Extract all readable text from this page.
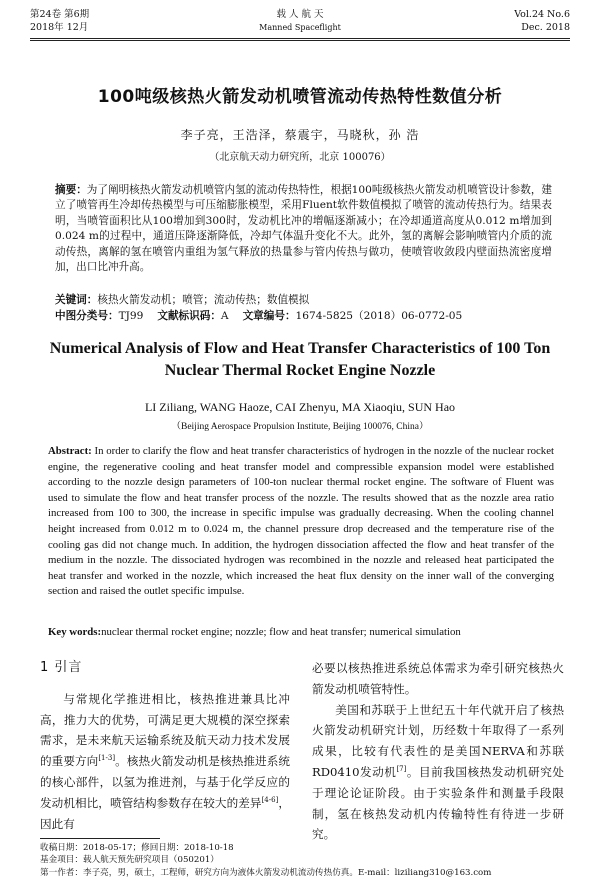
第24卷 第6期
2018年 12月
载 人 航 天
Manned Spaceflight
Vol.24 No.6
Dec. 2018
100吨级核热火箭发动机喷管流动传热特性数值分析
李子亮，王浩泽，蔡震宇，马晓秋，孙 浩
（北京航天动力研究所，北京 100076）
摘要：为了阐明核热火箭发动机喷管内氢的流动传热特性，根据100吨级核热火箭发动机喷管设计参数，建立了喷管再生冷却传热模型与可压缩膨胀模型，采用Fluent软件数值模拟了喷管的流动传热行为。结果表明，当喷管面积比从100增加到300时，发动机比冲的增幅逐渐减小；在冷却通道高度从0.012 m增加到0.024 m的过程中，通道压降逐渐降低，冷却气体温升变化不大。此外，氢的离解会影响喷管内介质的流动传热，离解的氢在喷管内重组为氢气释放的热量参与管内传热与做功，使喷管收敛段内壁面热流密度增加，出口比冲升高。
关键词：核热火箭发动机；喷管；流动传热；数值模拟
中图分类号：TJ99 文献标识码：A 文章编号：1674-5825（2018）06-0772-05
Numerical Analysis of Flow and Heat Transfer Characteristics of 100 Ton Nuclear Thermal Rocket Engine Nozzle
LI Ziliang, WANG Haoze, CAI Zhenyu, MA Xiaoqiu, SUN Hao
（Beijing Aerospace Propulsion Institute, Beijing 100076, China）
Abstract: In order to clarify the flow and heat transfer characteristics of hydrogen in the nozzle of the nuclear rocket engine, the regenerative cooling and heat transfer model and compressible expansion model were established according to the nozzle design parameters of 100-ton nuclear thermal rocket engine. The software of Fluent was used to simulate the flow and heat transfer process of the nozzle. The results showed that as the nozzle area ratio increased from 100 to 300, the increase in specific impulse was gradually decreasing. When the cooling channel height increased from 0.012 m to 0.024 m, the channel pressure drop decreased and the temperature rise of the cooling gas did not change much. In addition, the hydrogen dissociation affected the flow and heat transfer of the medium in the nozzle. The dissociated hydrogen was recombined in the nozzle and released heat participated the heat transfer and worked in the nozzle, which increased the heat flux density on the inner wall of the converging section and raised the outlet specific impulse.
Key words:nuclear thermal rocket engine; nozzle; flow and heat transfer; numerical simulation
1 引言

与常规化学推进相比，核热推进兼具比冲高，推力大的优势，可满足更大规模的深空探索需求，是未来航天运输系统及航天动力技术发展的重要方向[1-3]。核热火箭发动机是核热推进系统的核心部件，以氢为推进剂，与基于化学反应的发动机相比，喷管结构参数存在较大的差异[4-6]，因此有

必要以核热推进系统总体需求为牵引研究核热火箭发动机喷管特性。

美国和苏联于上世纪五十年代就开启了核热火箭发动机研究计划，历经数十年取得了一系列成果，比较有代表性的是美国NERVA和苏联RD0410发动机[7]。目前我国核热发动机研究处于理论论证阶段。由于实验条件和测量手段限制，氢在核热发动机内传输特性有待进一步研究。

收稿日期：2018-05-17；修回日期：2018-10-18
基金项目：载人航天预先研究项目（050201）
第一作者：李子亮，男，硕士，工程师，研究方向为液体火箭发动机流动传热仿真。E-mail：liziliang310@163.com
